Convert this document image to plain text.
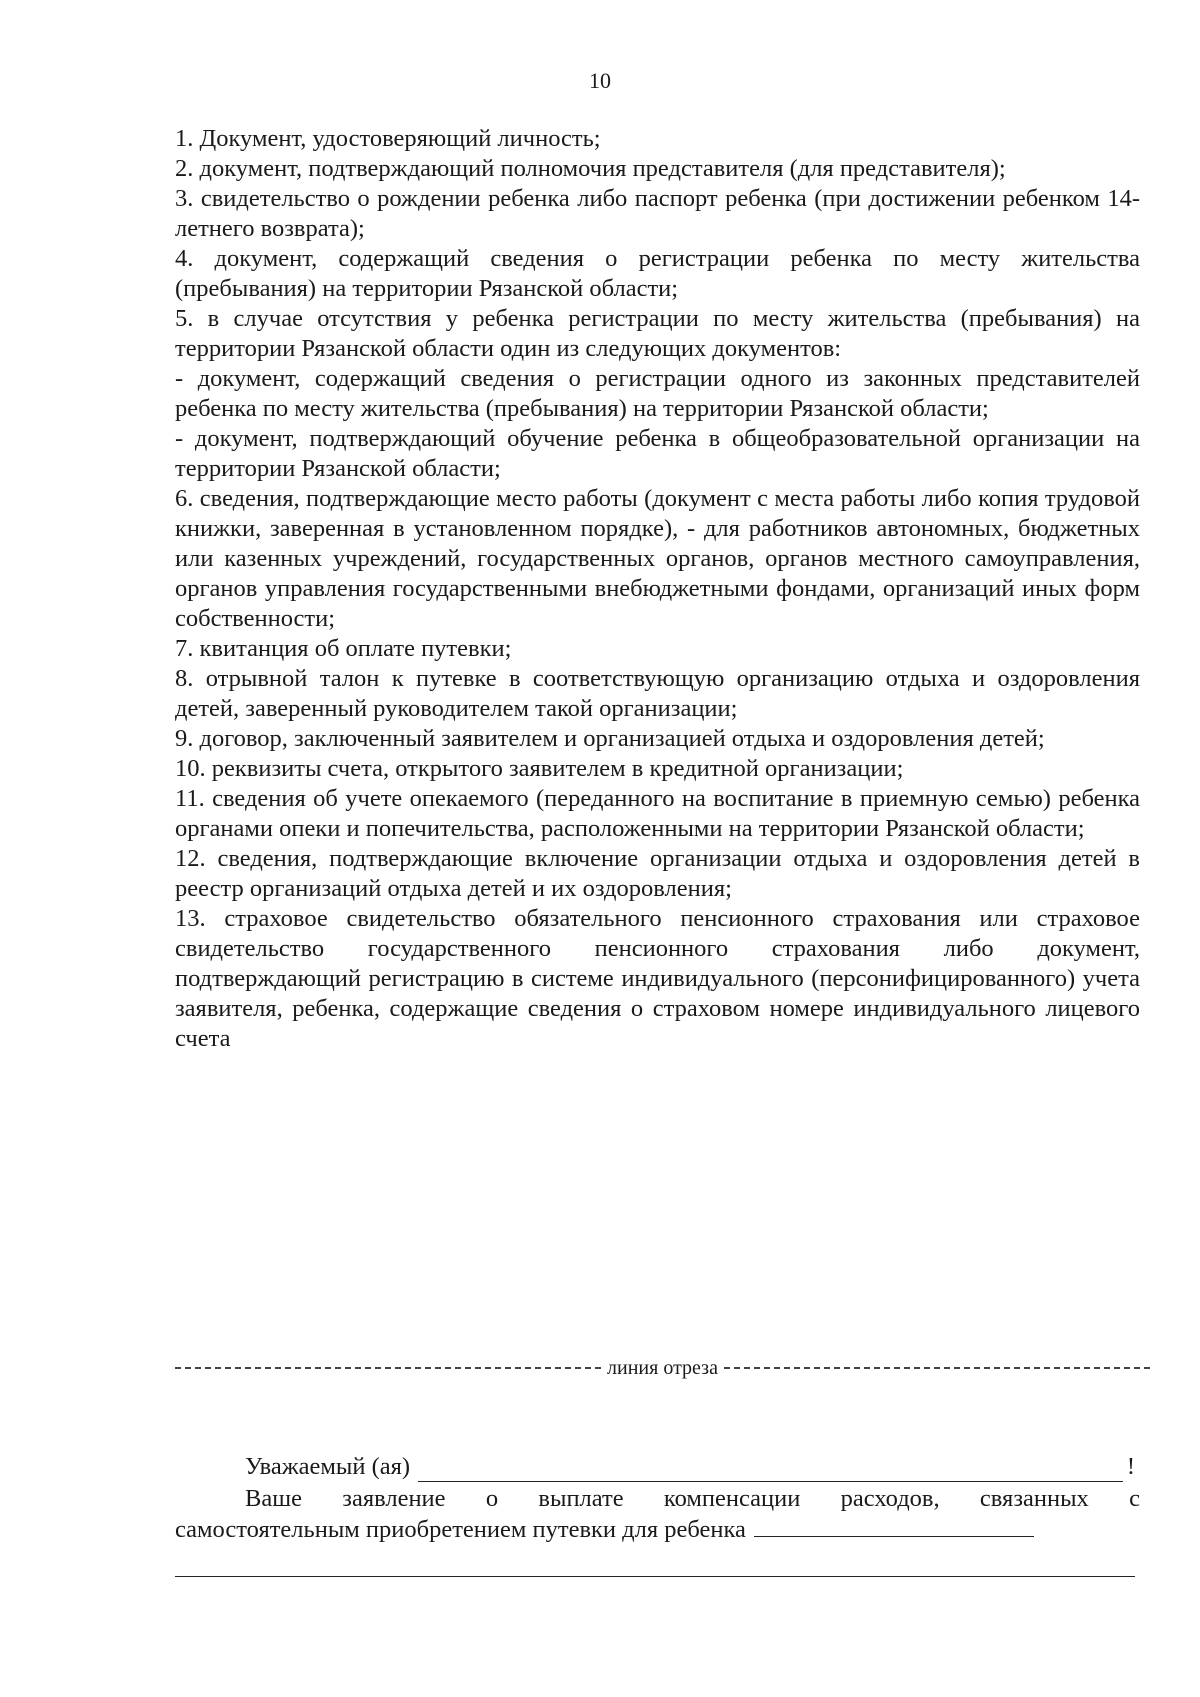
10

1. Документ, удостоверяющий личность;

2. документ, подтверждающий полномочия представителя (для представителя);

3. свидетельство о рождении ребенка либо паспорт ребенка (при достижении ребенком 14-летнего возврата);

4. документ, содержащий сведения о регистрации ребенка по месту жительства (пребывания) на территории Рязанской области;

5. в случае отсутствия у ребенка регистрации по месту жительства (пребывания) на территории Рязанской области один из следующих документов:

- документ, содержащий сведения о регистрации одного из законных представителей ребенка по месту жительства (пребывания) на территории Рязанской области;

- документ, подтверждающий обучение ребенка в общеобразовательной организации на территории Рязанской области;

6. сведения, подтверждающие место работы (документ с места работы либо копия трудовой книжки, заверенная в установленном порядке), - для работников автономных, бюджетных или казенных учреждений, государственных органов, органов местного самоуправления, органов управления государственными внебюджетными фондами, организаций иных форм собственности;

7. квитанция об оплате путевки;

8. отрывной талон к путевке в соответствующую организацию отдыха и оздоровления детей, заверенный руководителем такой организации;

9. договор, заключенный заявителем и организацией отдыха и оздоровления детей;

10. реквизиты счета, открытого заявителем в кредитной организации;

11. сведения об учете опекаемого (переданного на воспитание в приемную семью) ребенка органами опеки и попечительства, расположенными на территории Рязанской области;

12. сведения, подтверждающие включение организации отдыха и оздоровления детей в реестр организаций отдыха детей и их оздоровления;

13. страховое свидетельство обязательного пенсионного страхования или страховое свидетельство государственного пенсионного страхования либо документ, подтверждающий регистрацию в системе индивидуального (персонифицированного) учета заявителя, ребенка, содержащие сведения о страховом номере индивидуального лицевого счета

линия отреза
Уважаемый (ая)	!

Ваше заявление о выплате компенсации расходов, связанных с

самостоятельным приобретением путевки для ребенка
